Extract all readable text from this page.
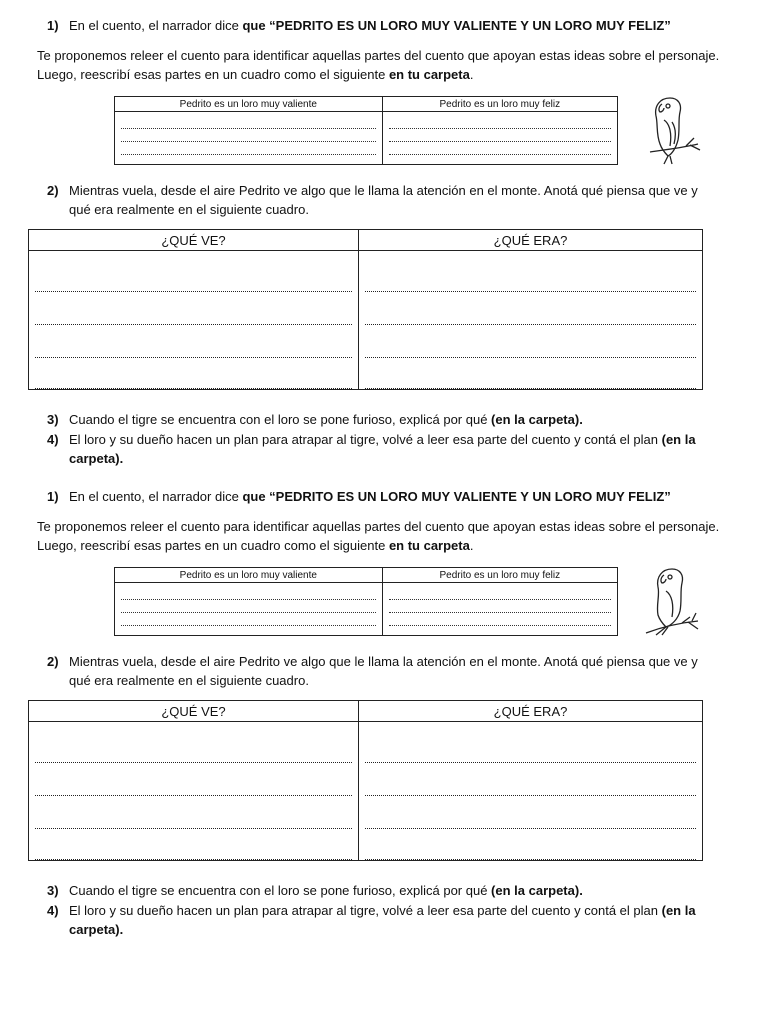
1) En el cuento, el narrador dice que “PEDRITO ES UN LORO MUY VALIENTE Y UN LORO MUY FELIZ”
Te proponemos releer el cuento para identificar aquellas partes del cuento que apoyan estas ideas sobre el personaje. Luego, reescribí esas partes en un cuadro como el siguiente en tu carpeta.
Pedrito es un loro muy valiente	Pedrito es un loro muy feliz

2) Mientras vuela, desde el aire Pedrito ve algo que le llama la atención en el monte. Anotá qué piensa que ve y qué era realmente en el siguiente cuadro.
¿QUÉ VE?	¿QUÉ ERA?

3) Cuando el tigre se encuentra con el loro se pone furioso, explicá por qué (en la carpeta).
4) El loro y su dueño hacen un plan para atrapar al tigre, volvé a leer esa parte del cuento y contá el plan (en la carpeta).
1) En el cuento, el narrador dice que “PEDRITO ES UN LORO MUY VALIENTE Y UN LORO MUY FELIZ”
Te proponemos releer el cuento para identificar aquellas partes del cuento que apoyan estas ideas sobre el personaje. Luego, reescribí esas partes en un cuadro como el siguiente en tu carpeta.
Pedrito es un loro muy valiente	Pedrito es un loro muy feliz

2) Mientras vuela, desde el aire Pedrito ve algo que le llama la atención en el monte. Anotá qué piensa que ve y qué era realmente en el siguiente cuadro.
¿QUÉ VE?	¿QUÉ ERA?

3) Cuando el tigre se encuentra con el loro se pone furioso, explicá por qué (en la carpeta).
4) El loro y su dueño hacen un plan para atrapar al tigre, volvé a leer esa parte del cuento y contá el plan (en la carpeta).
